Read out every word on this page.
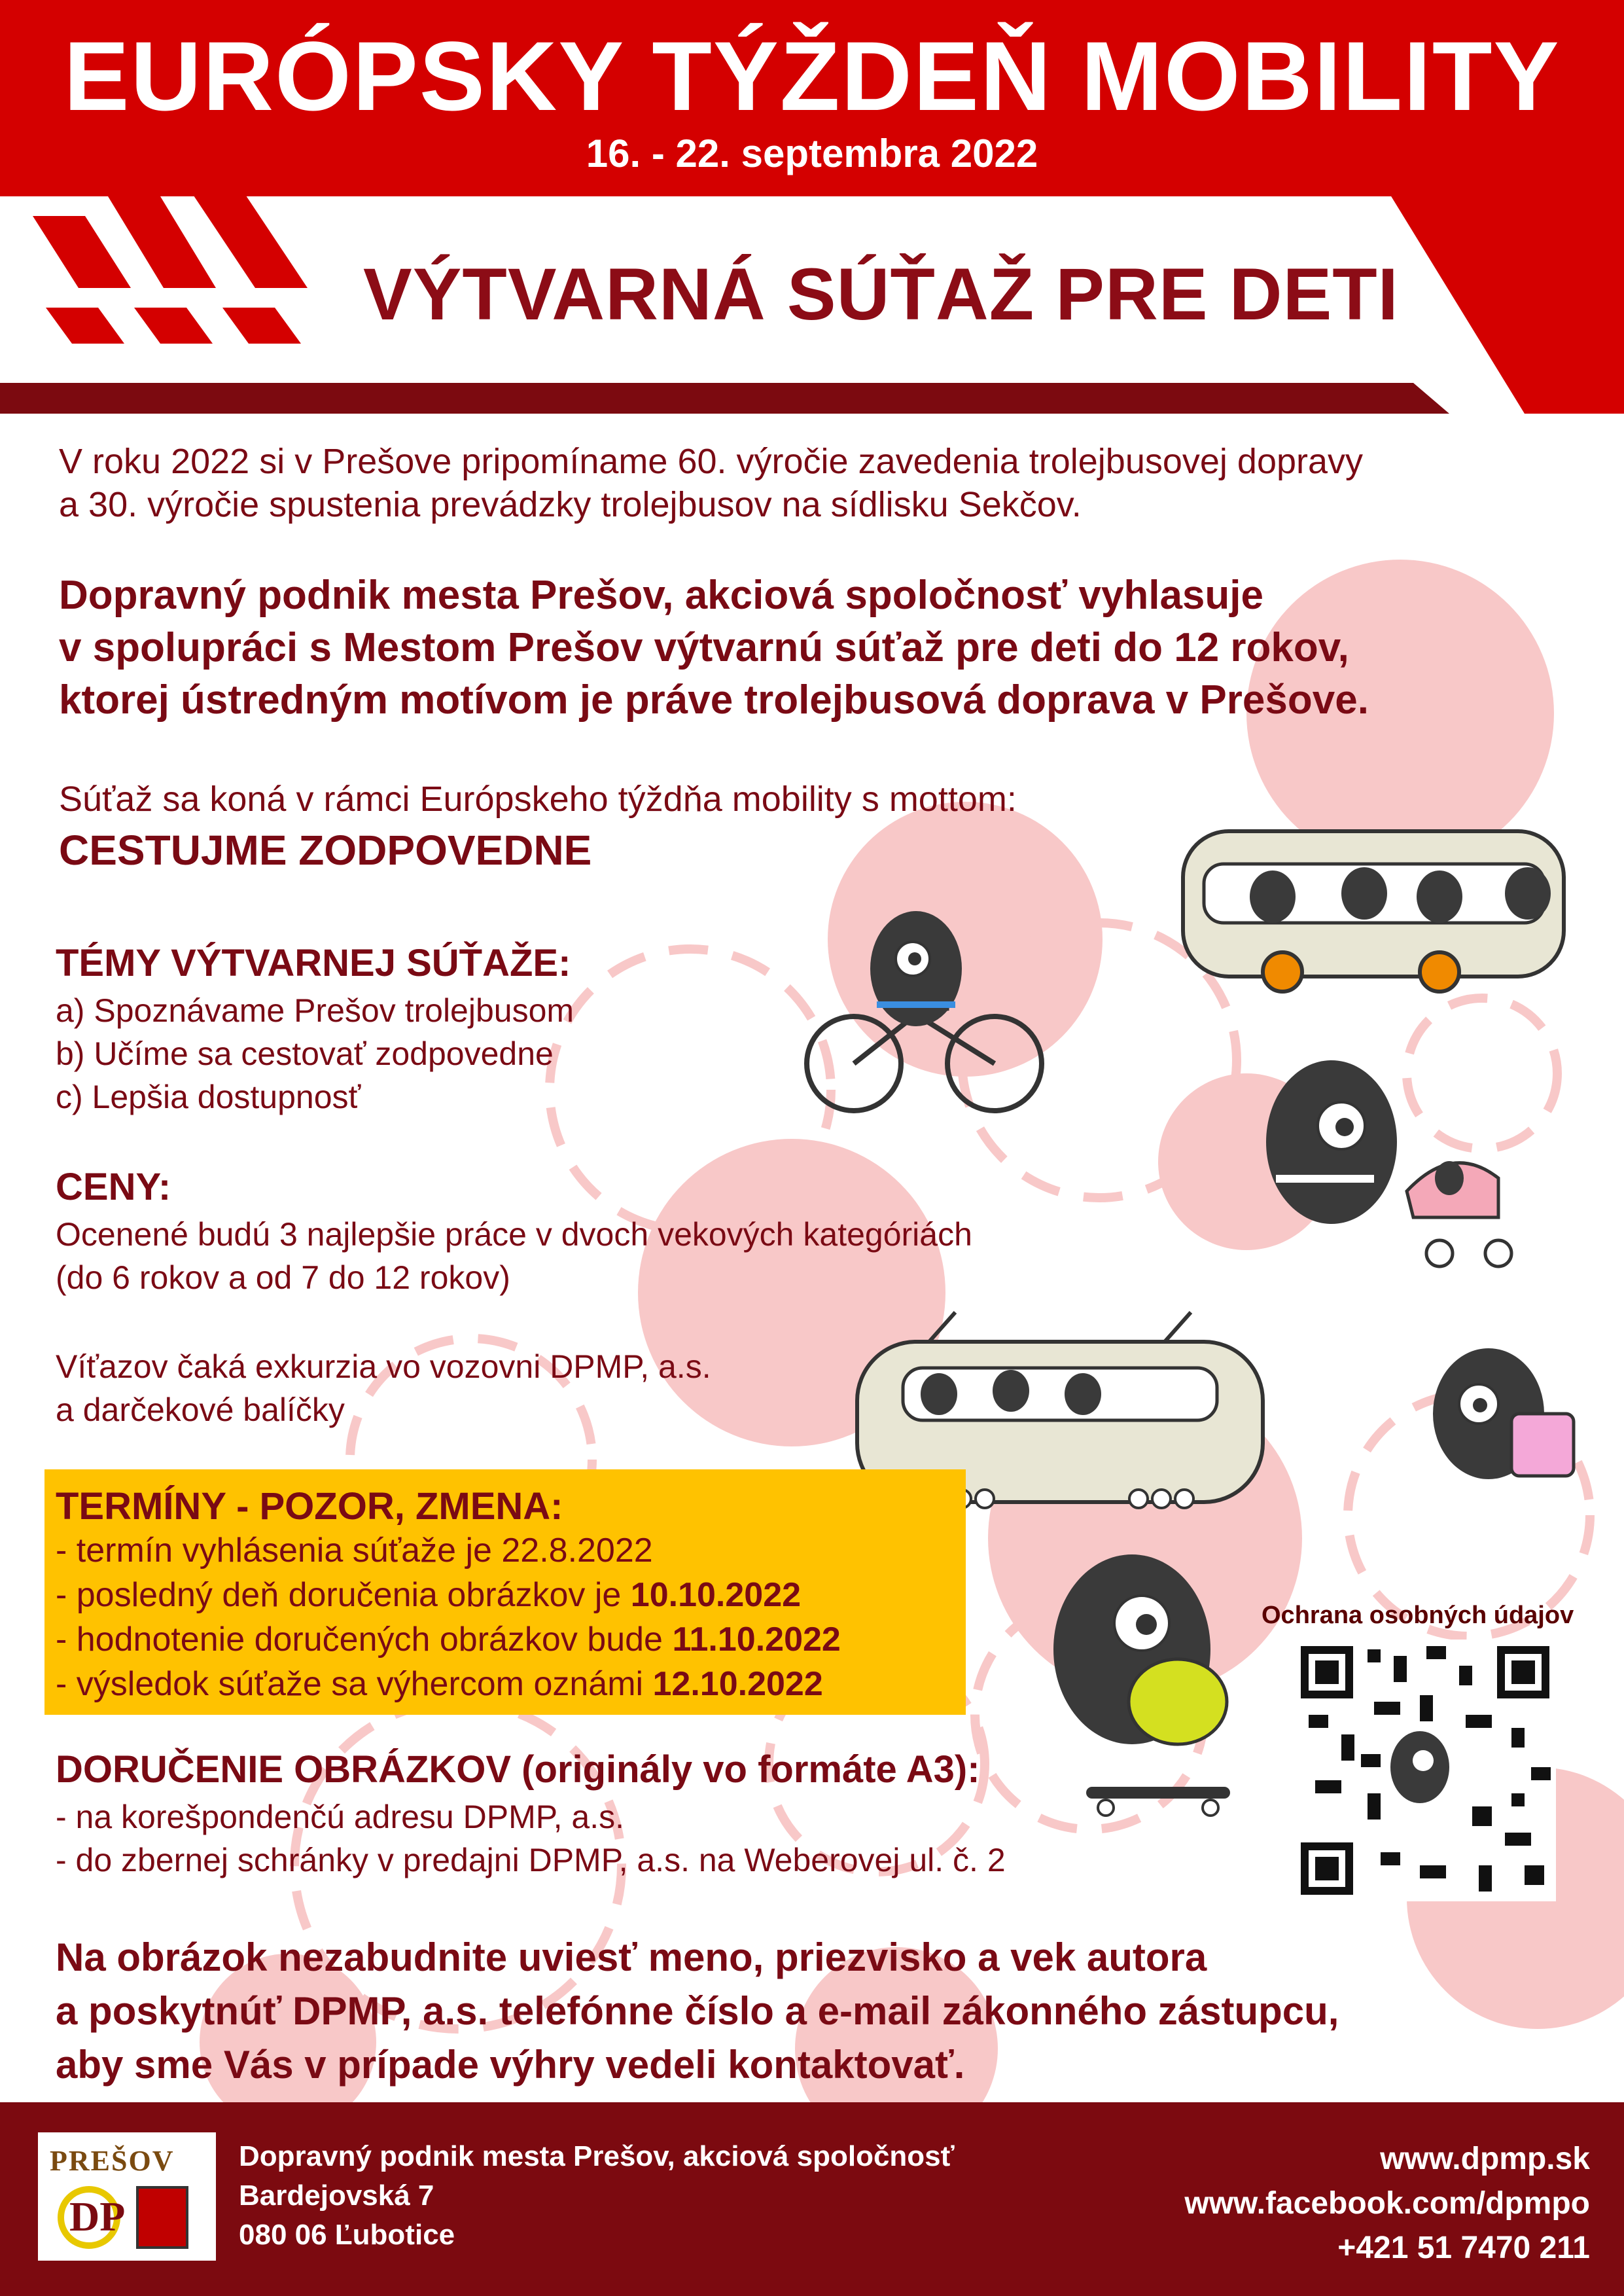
EURÓPSKY TÝŽDEŇ MOBILITY
16. - 22. septembra 2022
VÝTVARNÁ SÚŤAŽ PRE DETI
V roku 2022 si v Prešove pripomíname 60. výročie zavedenia trolejbusovej dopravy
a 30. výročie spustenia prevádzky trolejbusov na sídlisku Sekčov.
Dopravný podnik mesta Prešov, akciová spoločnosť vyhlasuje
v spolupráci s Mestom Prešov výtvarnú súťaž pre deti do 12 rokov,
ktorej ústredným motívom je práve trolejbusová doprava v Prešove.
Súťaž sa koná v rámci Európskeho týždňa mobility s mottom:
CESTUJME ZODPOVEDNE
TÉMY VÝTVARNEJ SÚŤAŽE:
a) Spoznávame Prešov trolejbusom
b) Učíme sa cestovať zodpovedne
c) Lepšia dostupnosť
CENY:
Ocenené budú 3 najlepšie práce v dvoch vekových kategóriách
(do 6 rokov a od 7 do 12 rokov)
Víťazov čaká exkurzia vo vozovni DPMP, a.s.
a darčekové balíčky
TERMÍNY - POZOR, ZMENA:
- termín vyhlásenia súťaže je 22.8.2022
- posledný deň doručenia obrázkov je 10.10.2022
- hodnotenie doručených obrázkov bude 11.10.2022
- výsledok súťaže sa výhercom oznámi 12.10.2022
Ochrana osobných údajov
DORUČENIE OBRÁZKOV (originály vo formáte A3):
- na korešpondenčú adresu DPMP, a.s.
- do zbernej schránky v predajni DPMP, a.s. na Weberovej ul. č. 2
Na obrázok nezabudnite uviesť meno, priezvisko a vek autora
a poskytnúť DPMP, a.s. telefónne číslo a e-mail zákonného zástupcu,
aby sme Vás v prípade výhry vedeli kontaktovať.
PREŠOV
DP
Dopravný podnik mesta Prešov, akciová spoločnosť
Bardejovská 7
080 06 Ľubotice
www.dpmp.sk
www.facebook.com/dpmpo
+421 51 7470 211
